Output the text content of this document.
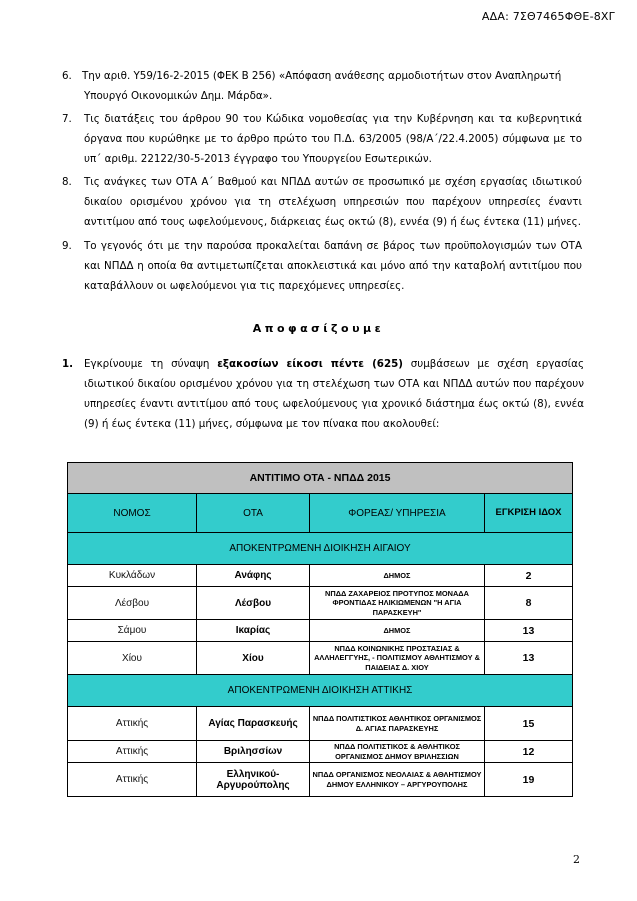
ΑΔΑ: 7ΣΘ7465ΦΘΕ-8ΧΓ
6. Την αριθ. Υ59/16-2-2015 (ΦΕΚ Β 256) «Απόφαση ανάθεσης αρμοδιοτήτων στον Αναπληρωτή
Υπουργό Οικονομικών Δημ. Μάρδα».
7. Τις διατάξεις του άρθρου 90 του Κώδικα νομοθεσίας για την Κυβέρνηση και τα κυβερνητικά όργανα που κυρώθηκε με το άρθρο πρώτο του Π.Δ. 63/2005 (98/Α΄/22.4.2005) σύμφωνα με το υπ΄ αριθμ. 22122/30-5-2013 έγγραφο του Υπουργείου Εσωτερικών.
8. Τις ανάγκες των ΟΤΑ Α΄ Βαθμού και ΝΠΔΔ αυτών σε προσωπικό με σχέση εργασίας ιδιωτικού δικαίου ορισμένου χρόνου για τη στελέχωση υπηρεσιών που παρέχουν υπηρεσίες έναντι αντιτίμου από τους ωφελούμενους, διάρκειας έως οκτώ (8), εννέα (9) ή έως έντεκα (11) μήνες.
9. Το γεγονός ότι με την παρούσα προκαλείται δαπάνη σε βάρος των προϋπολογισμών των ΟΤΑ και ΝΠΔΔ η οποία θα αντιμετωπίζεται αποκλειστικά και μόνο από την καταβολή αντιτίμου που καταβάλλουν οι ωφελούμενοι για τις παρεχόμενες υπηρεσίες.
Αποφασίζουμε
1. Εγκρίνουμε τη σύναψη εξακοσίων είκοσι πέντε (625) συμβάσεων με σχέση εργασίας ιδιωτικού δικαίου ορισμένου χρόνου για τη στελέχωση των ΟΤΑ και ΝΠΔΔ αυτών που παρέχουν υπηρεσίες έναντι αντιτίμου από τους ωφελούμενους για χρονικό διάστημα έως οκτώ (8), εννέα (9) ή έως έντεκα (11) μήνες, σύμφωνα με τον πίνακα που ακολουθεί:
ΑΝΤΙΤΙΜΟ ΟΤΑ - ΝΠΔΔ 2015			
ΝΟΜΟΣ	ΟΤΑ	ΦΟΡΕΑΣ/ ΥΠΗΡΕΣΙΑ	ΕΓΚΡΙΣΗ ΙΔΟΧ
ΑΠΟΚΕΝΤΡΩΜΕΝΗ ΔΙΟΙΚΗΣΗ ΑΙΓΑΙΟΥ			
Κυκλάδων	Ανάφης	ΔΗΜΟΣ	2
Λέσβου	Λέσβου	ΝΠΔΔ ΖΑΧΑΡΕΙΟΣ ΠΡΟΤΥΠΟΣ ΜΟΝΑΔΑ ΦΡΟΝΤΙΔΑΣ ΗΛΙΚΙΩΜΕΝΩΝ "Η ΑΓΙΑ ΠΑΡΑΣΚΕΥΗ"	8
Σάμου	Ικαρίας	ΔΗΜΟΣ	13
Χίου	Χίου	ΝΠΔΔ ΚΟΙΝΩΝΙΚΗΣ ΠΡΟΣΤΑΣΙΑΣ & ΑΛΛΗΛΕΓΓΥΗΣ, - ΠΟΛΙΤΙΣΜΟΥ ΑΘΛΗΤΙΣΜΟΥ & ΠΑΙΔΕΙΑΣ Δ. ΧΙΟΥ	13
ΑΠΟΚΕΝΤΡΩΜΕΝΗ ΔΙΟΙΚΗΣΗ ΑΤΤΙΚΗΣ			
Αττικής	Αγίας Παρασκευής	ΝΠΔΔ ΠΟΛΙΤΙΣΤΙΚΟΣ ΑΘΛΗΤΙΚΟΣ ΟΡΓΑΝΙΣΜΟΣ Δ. ΑΓΙΑΣ ΠΑΡΑΣΚΕΥΗΣ	15
Αττικής	Βριλησσίων	ΝΠΔΔ ΠΟΛΙΤΙΣΤΙΚΟΣ & ΑΘΛΗΤΙΚΟΣ ΟΡΓΑΝΙΣΜΟΣ ΔΗΜΟΥ ΒΡΙΛΗΣΣΙΩΝ	12
Αττικής	Ελληνικού-Αργυρούπολης	ΝΠΔΔ ΟΡΓΑΝΙΣΜΟΣ ΝΕΟΛΑΙΑΣ & ΑΘΛΗΤΙΣΜΟΥ ΔΗΜΟΥ ΕΛΛΗΝΙΚΟΥ – ΑΡΓΥΡΟΥΠΟΛΗΣ	19
2
